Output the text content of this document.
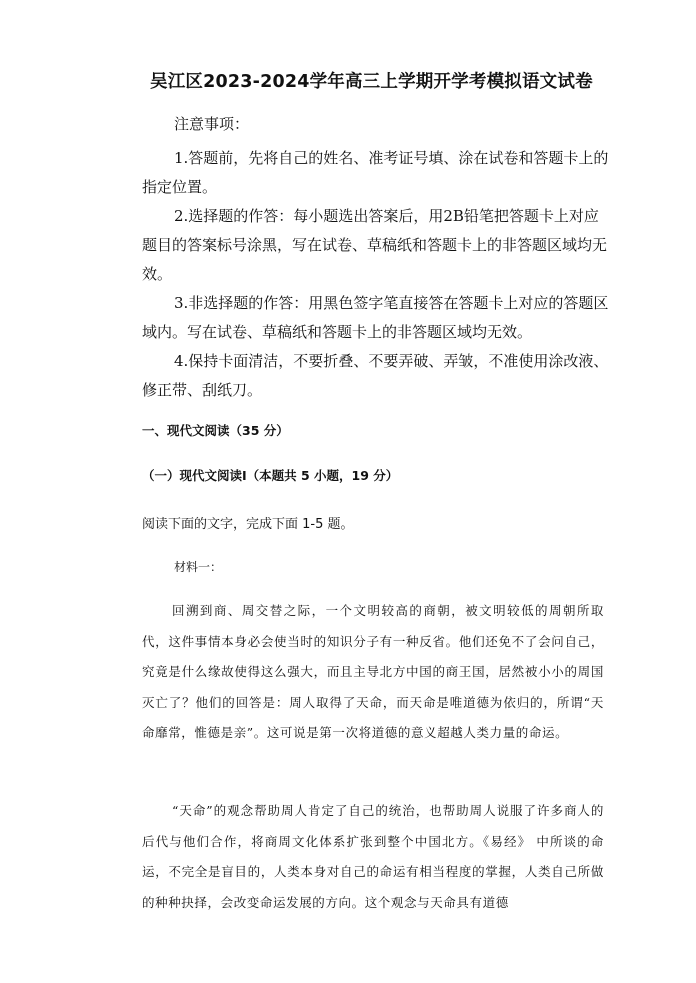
吴江区2023-2024学年高三上学期开学考模拟语文试卷
注意事项：

1.答题前，先将自己的姓名、准考证号填、涂在试卷和答题卡上的指定位置。

2.选择题的作答：每小题选出答案后，用2B铅笔把答题卡上对应题目的答案标号涂黑，写在试卷、草稿纸和答题卡上的非答题区域均无效。

3.非选择题的作答：用黑色签字笔直接答在答题卡上对应的答题区域内。写在试卷、草稿纸和答题卡上的非答题区域均无效。

4.保持卡面清洁，不要折叠、不要弄破、弄皱，不准使用涂改液、修正带、刮纸刀。

一、现代文阅读（35 分）
（一）现代文阅读Ⅰ（本题共 5 小题，19 分）
阅读下面的文字，完成下面 1-5 题。
材料一：

回溯到商、周交替之际，一个文明较高的商朝，被文明较低的周朝所取代，这件事情本身必会使当时的知识分子有一种反省。他们还免不了会问自己，究竟是什么缘故使得这么强大，而且主导北方中国的商王国，居然被小小的周国灭亡了？他们的回答是：周人取得了天命，而天命是唯道德为依归的，所谓“天命靡常，惟德是亲”。这可说是第一次将道德的意义超越人类力量的命运。

“天命”的观念帮助周人肯定了自己的统治，也帮助周人说服了许多商人的后代与他们合作，将商周文化体系扩张到整个中国北方。《易经》 中所谈的命运，不完全是盲目的，人类本身对自己的命运有相当程度的掌握，人类自己所做的种种抉择，会改变命运发展的方向。这个观念与天命具有道德
